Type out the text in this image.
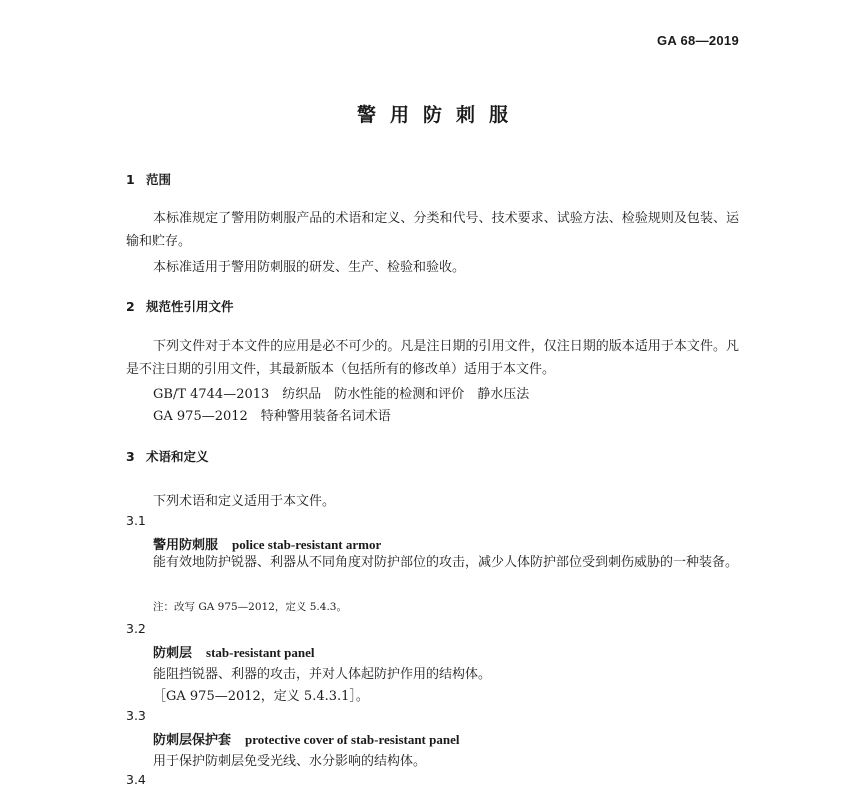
GA 68—2019
警用防刺服
1 范围
本标准规定了警用防刺服产品的术语和定义、分类和代号、技术要求、试验方法、检验规则及包装、运输和贮存。
本标准适用于警用防刺服的研发、生产、检验和验收。
2 规范性引用文件
下列文件对于本文件的应用是必不可少的。凡是注日期的引用文件，仅注日期的版本适用于本文件。凡是不注日期的引用文件，其最新版本（包括所有的修改单）适用于本文件。
GB/T 4744—2013　纺织品　防水性能的检测和评价　静水压法
GA 975—2012　特种警用装备名词术语
3 术语和定义
下列术语和定义适用于本文件。
3.1
警用防刺服 police stab-resistant armor
能有效地防护锐器、利器从不同角度对防护部位的攻击，减少人体防护部位受到刺伤威胁的一种装备。
注：改写 GA 975—2012，定义 5.4.3。
3.2
防刺层 stab-resistant panel
能阻挡锐器、利器的攻击，并对人体起防护作用的结构体。
［GA 975—2012，定义 5.4.3.1］。
3.3
防刺层保护套 protective cover of stab-resistant panel
用于保护防刺层免受光线、水分影响的结构体。
3.4
